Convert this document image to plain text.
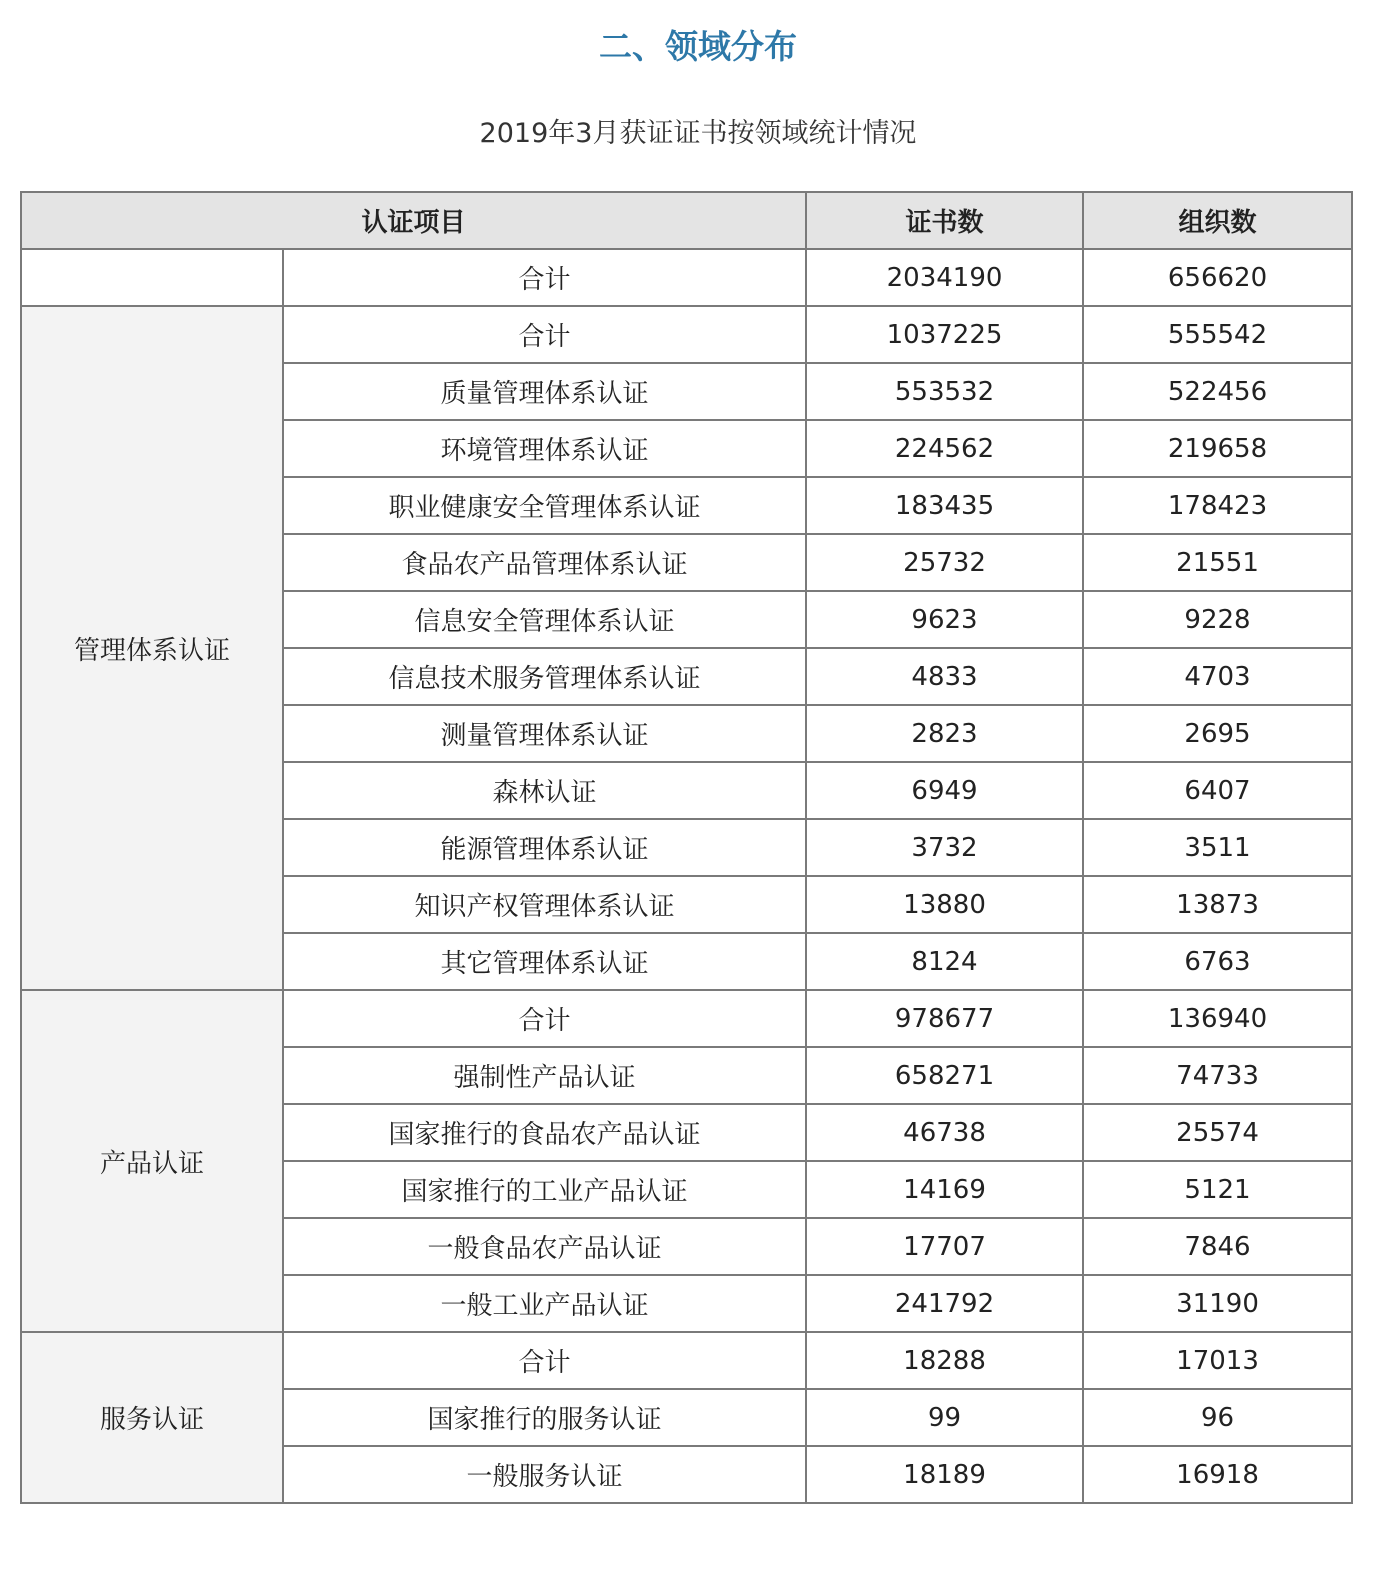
二、领域分布
2019年3月获证证书按领域统计情况
认证项目		证书数	组织数
	合计	2034190	656620
管理体系认证	合计	1037225	555542
	质量管理体系认证	553532	522456
	环境管理体系认证	224562	219658
	职业健康安全管理体系认证	183435	178423
	食品农产品管理体系认证	25732	21551
	信息安全管理体系认证	9623	9228
	信息技术服务管理体系认证	4833	4703
	测量管理体系认证	2823	2695
	森林认证	6949	6407
	能源管理体系认证	3732	3511
	知识产权管理体系认证	13880	13873
	其它管理体系认证	8124	6763
产品认证	合计	978677	136940
	强制性产品认证	658271	74733
	国家推行的食品农产品认证	46738	25574
	国家推行的工业产品认证	14169	5121
	一般食品农产品认证	17707	7846
	一般工业产品认证	241792	31190
服务认证	合计	18288	17013
	国家推行的服务认证	99	96
	一般服务认证	18189	16918
